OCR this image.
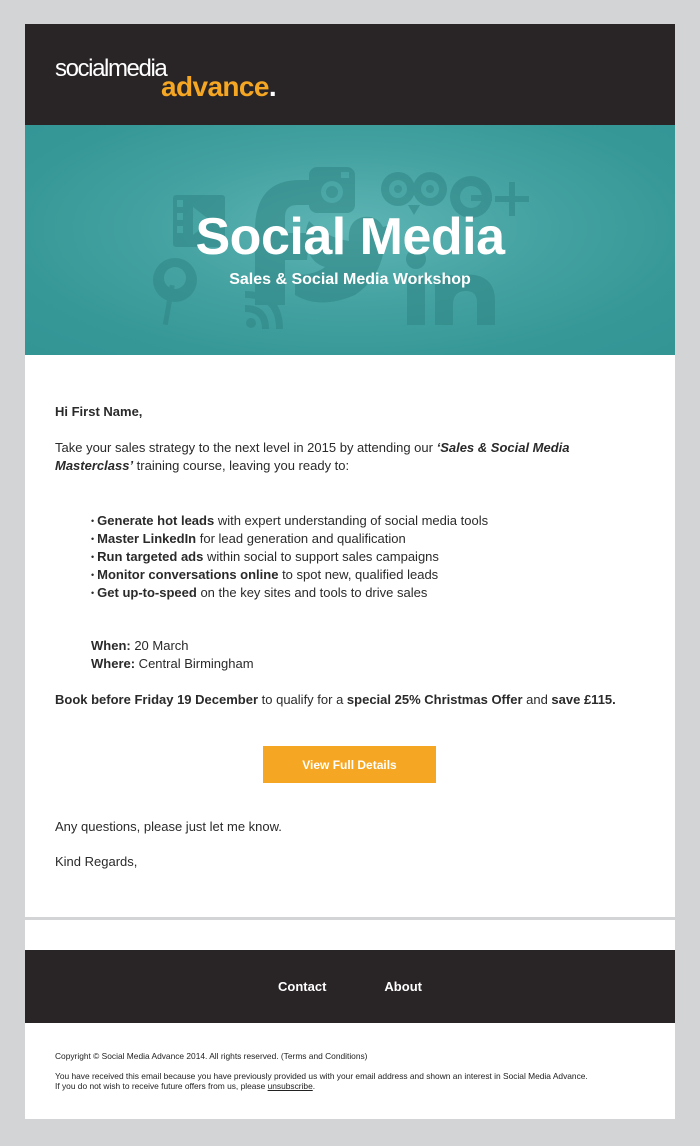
socialmedia
advance.
Social Media
Sales & Social Media Workshop
Hi First Name,

Take your sales strategy to the next level in 2015 by attending our ‘Sales & Social Media Masterclass’ training course, leaving you ready to:

• Generate hot leads with expert understanding of social media tools
• Master LinkedIn for lead generation and qualification
• Run targeted ads within social to support sales campaigns
• Monitor conversations online to spot new, qualified leads
• Get up-to-speed on the key sites and tools to drive sales
When: 20 March
Where: Central Birmingham
Book before Friday 19 December to qualify for a special 25% Christmas Offer and save £115.
View Full Details
Any questions, please just let me know.
Kind Regards,
Contact	About

Copyright © Social Media Advance 2014. All rights reserved. (Terms and Conditions)

You have received this email because you have previously provided us with your email address and shown an interest in Social Media Advance.

If you do not wish to receive future offers from us, please unsubscribe.
